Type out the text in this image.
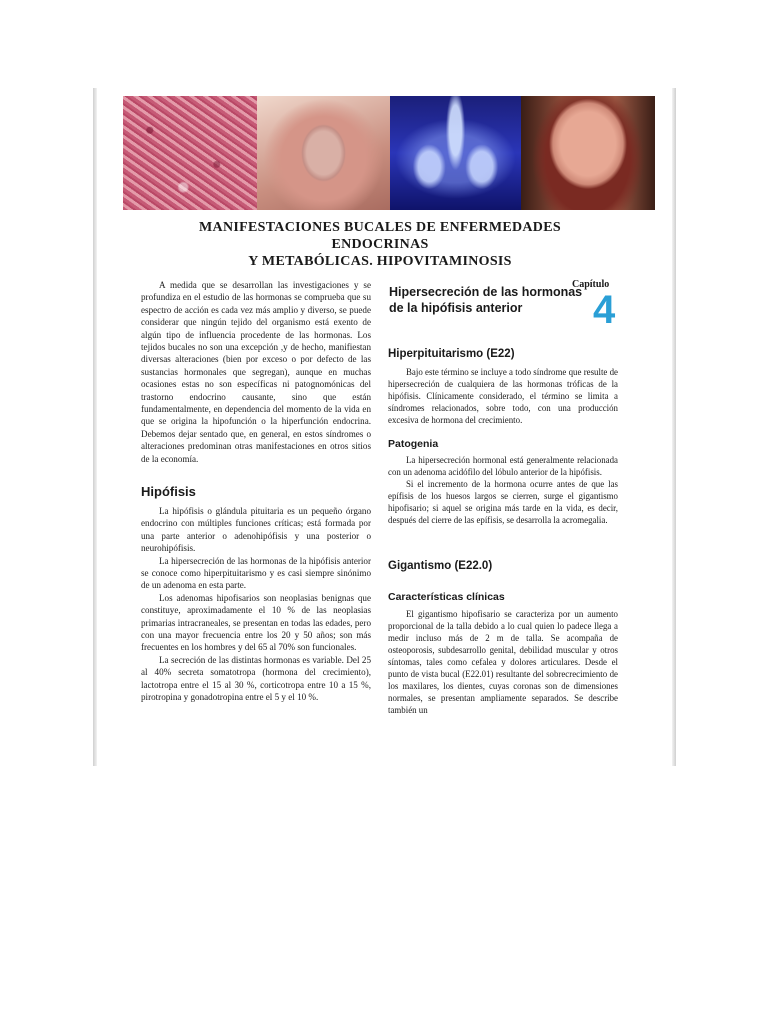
MANIFESTACIONES BUCALES DE ENFERMEDADES ENDOCRINAS
Y METABÓLICAS. HIPOVITAMINOSIS

A medida que se desarrollan las investigaciones y se profundiza en el estudio de las hormonas se comprueba que su espectro de acción es cada vez más amplio y diverso, se puede considerar que ningún tejido del organismo está exento de algún tipo de influencia procedente de las hormonas. Los tejidos bucales no son una excepción ,y de hecho, manifiestan diversas alteraciones (bien por exceso o por defecto de las sustancias hormonales que segregan), aunque en muchas ocasiones estas no son específicas ni patognomónicas del trastorno endocrino causante, sino que están fundamentalmente, en dependencia del momento de la vida en que se origina la hipofunción o la hiperfunción endocrina. Debemos dejar sentado que, en general, en estos síndromes o alteraciones predominan otras manifestaciones en otros sitios de la economía.

Hipófisis

La hipófisis o glándula pituitaria es un pequeño órgano endocrino con múltiples funciones críticas; está formada por una parte anterior o adenohipófisis y una posterior o neurohipófisis.

La hipersecreción de las hormonas de la hipófisis anterior se conoce como hiperpituitarismo y es casi siempre sinónimo de un adenoma en esta parte.

Los adenomas hipofisarios son neoplasias benignas que constituye, aproximadamente el 10 % de las neoplasias primarias intracraneales, se presentan en todas las edades, pero con una mayor frecuencia entre los 20 y 50 años; son más frecuentes en los hombres y del 65 al 70% son funcionales.

La secreción de las distintas hormonas es variable. Del 25 al 40% secreta somatotropa (hormona del crecimiento), lactotropa entre el 15 al 30 %, corticotropa entre 10 a 15 %, pirotropina y gonadotropina entre el 5 y el 10 %.

Capítulo
4
Hipersecreción de las hormonas de la hipófisis anterior
Hiperpituitarismo (E22)

Bajo este término se incluye a todo síndrome que resulte de hipersecreción de cualquiera de las hormonas tróficas de la hipófisis. Clínicamente considerado, el término se limita a síndromes relacionados, sobre todo, con una producción excesiva de hormona del crecimiento.

Patogenia

La hipersecreción hormonal está generalmente relacionada con un adenoma acidófilo del lóbulo anterior de la hipófisis.

Si el incremento de la hormona ocurre antes de que las epífisis de los huesos largos se cierren, surge el gigantismo hipofisario; si aquel se origina más tarde en la vida, es decir, después del cierre de las epífisis, se desarrolla la acromegalia.

Gigantismo (E22.0)
Características clínicas

El gigantismo hipofisario se caracteriza por un aumento proporcional de la talla debido a lo cual quien lo padece llega a medir incluso más de 2 m de talla. Se acompaña de osteoporosis, subdesarrollo genital, debilidad muscular y otros síntomas, tales como cefalea y dolores articulares. Desde el punto de vista bucal (E22.01) resultante del sobrecrecimiento de los maxilares, los dientes, cuyas coronas son de dimensiones normales, se presentan ampliamente separados. Se describe también un
